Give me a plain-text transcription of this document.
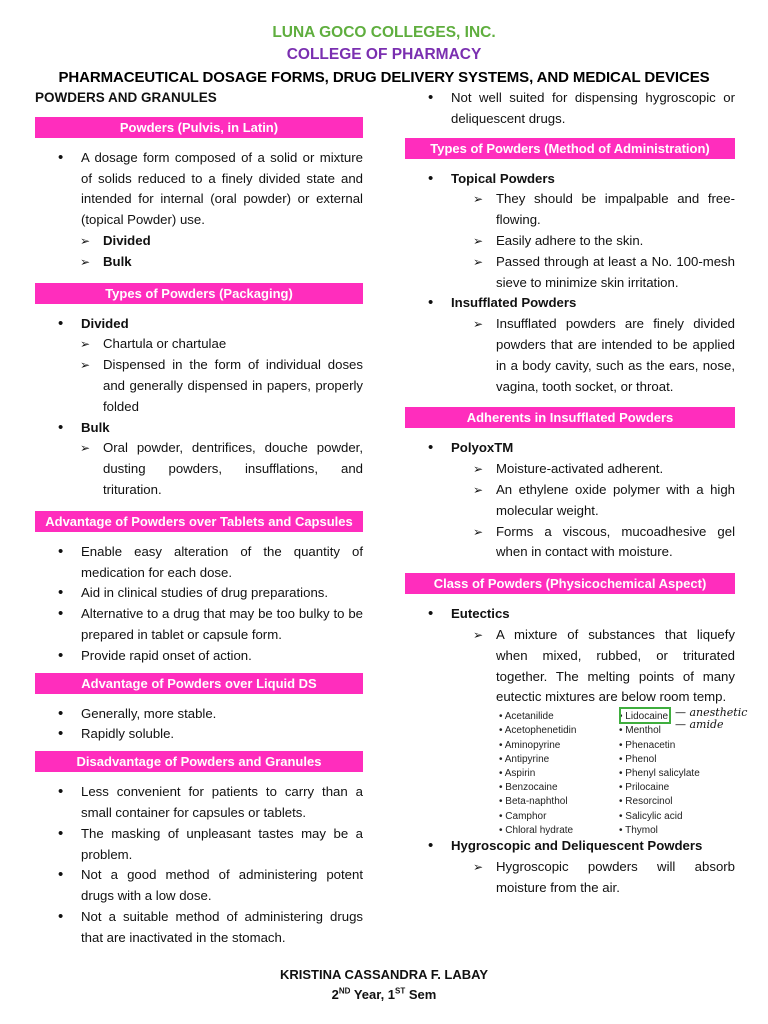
LUNA GOCO COLLEGES, INC.
COLLEGE OF PHARMACY
PHARMACEUTICAL DOSAGE FORMS, DRUG DELIVERY SYSTEMS, AND MEDICAL DEVICES
POWDERS AND GRANULES
Powders (Pulvis, in Latin)
• A dosage form composed of a solid or mixture of solids reduced to a finely divided state and intended for internal (oral powder) or external (topical Powder) use.
➢ Divided
➢ Bulk
Types of Powders (Packaging)
• Divided
➢ Chartula or chartulae
➢ Dispensed in the form of individual doses and generally dispensed in papers, properly folded
• Bulk
➢ Oral powder, dentrifices, douche powder, dusting powders, insufflations, and trituration.
Advantage of Powders over Tablets and Capsules
• Enable easy alteration of the quantity of medication for each dose.
• Aid in clinical studies of drug preparations.
• Alternative to a drug that may be too bulky to be prepared in tablet or capsule form.
• Provide rapid onset of action.
Advantage of Powders over Liquid DS
• Generally, more stable.
• Rapidly soluble.
Disadvantage of Powders and Granules
• Less convenient for patients to carry than a small container for capsules or tablets.
• The masking of unpleasant tastes may be a problem.
• Not a good method of administering potent drugs with a low dose.
• Not a suitable method of administering drugs that are inactivated in the stomach.
• Not well suited for dispensing hygroscopic or deliquescent drugs.
Types of Powders (Method of Administration)
• Topical Powders
➢ They should be impalpable and free-flowing.
➢ Easily adhere to the skin.
➢ Passed through at least a No. 100-mesh sieve to minimize skin irritation.
• Insufflated Powders
➢ Insufflated powders are finely divided powders that are intended to be applied in a body cavity, such as the ears, nose, vagina, tooth socket, or throat.
Adherents in Insufflated Powders
• PolyoxTM
➢ Moisture-activated adherent.
➢ An ethylene oxide polymer with a high molecular weight.
➢ Forms a viscous, mucoadhesive gel when in contact with moisture.
Class of Powders (Physicochemical Aspect)
• Eutectics
➢ A mixture of substances that liquefy when mixed, rubbed, or triturated together. The melting points of many eutectic mixtures are below room temp.
• Acetanilide
• Acetophenetidin
• Aminopyrine
• Antipyrine
• Aspirin
• Benzocaine
• Beta-naphthol
• Camphor
• Chloral hydrate
• Lidocaine
• Menthol
• Phenacetin
• Phenol
• Phenyl salicylate
• Prilocaine
• Resorcinol
• Salicylic acid
• Thymol
— anesthetic
— amide
• Hygroscopic and Deliquescent Powders
➢ Hygroscopic powders will absorb moisture from the air.
KRISTINA CASSANDRA F. LABAY
2ND Year, 1ST Sem
